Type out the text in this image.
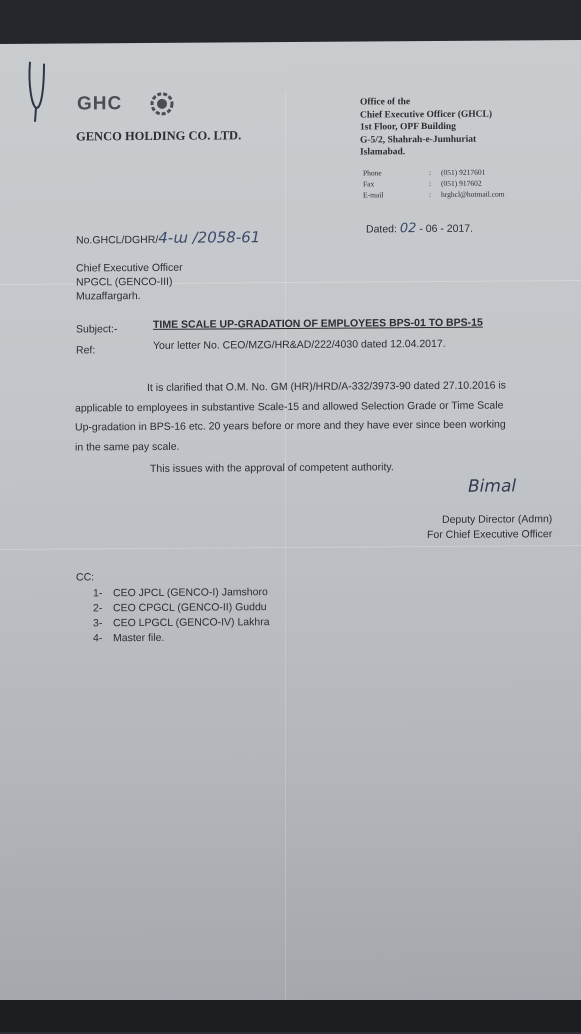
GHC
GENCO HOLDING CO. LTD.
Office of the
Chief Executive Officer (GHCL)
1st Floor, OPF Building
G-5/2, Shahrah-e-Jumhuriat
Islamabad.
Phone	: (051) 9217601
Fax	: (051) 917602
E-mail	: hrghcl@hotmail.com
No.GHCL/DGHR/4-ɯ /2058-61	Dated: 02 - 06 - 2017.
Chief Executive Officer
NPGCL (GENCO-III)
Muzaffargarh.
Subject:-	TIME SCALE UP-GRADATION OF EMPLOYEES BPS-01 TO BPS-15
Ref:	Your letter No. CEO/MZG/HR&AD/222/4030 dated 12.04.2017.
It is clarified that O.M. No. GM (HR)/HRD/A-332/3973-90 dated 27.10.2016 is
applicable to employees in substantive Scale-15 and allowed Selection Grade or Time Scale
Up-gradation in BPS-16 etc. 20 years before or more and they have ever since been working
in the same pay scale.
This issues with the approval of competent authority.
Bimal
Deputy Director (Admn)
For Chief Executive Officer
CC:
1- CEO JPCL (GENCO-I) Jamshoro
2- CEO CPGCL (GENCO-II) Guddu
3- CEO LPGCL (GENCO-IV) Lakhra
4- Master file.
